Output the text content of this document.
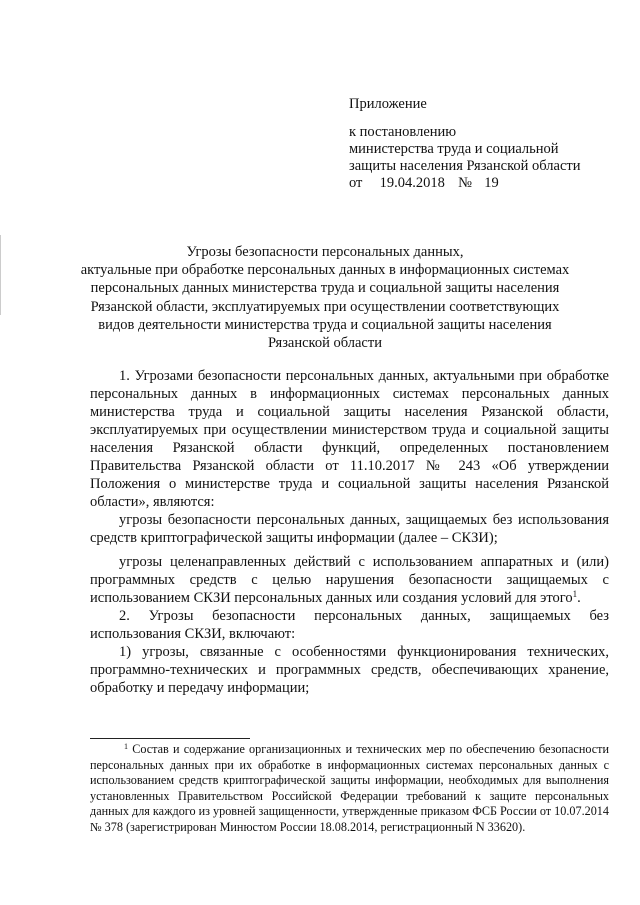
Приложение
к постановлению
министерства труда и социальной
защиты населения Рязанской области
от 19.04.2018 № 19
Угрозы безопасности персональных данных,
актуальные при обработке персональных данных в информационных системах
персональных данных министерства труда и социальной защиты населения
Рязанской области, эксплуатируемых при осуществлении соответствующих
видов деятельности министерства труда и социальной защиты населения
Рязанской области

1. Угрозами безопасности персональных данных, актуальными при обработке персональных данных в информационных системах персональных данных министерства труда и социальной защиты населения Рязанской области, эксплуатируемых при осуществлении министерством труда и социальной защиты населения Рязанской области функций, определенных постановлением Правительства Рязанской области от 11.10.2017 № 243 «Об утверждении Положения о министерстве труда и социальной защиты населения Рязанской области», являются:

угрозы безопасности персональных данных, защищаемых без использования средств криптографической защиты информации (далее – СКЗИ);

угрозы целенаправленных действий с использованием аппаратных и (или) программных средств с целью нарушения безопасности защищаемых с использованием СКЗИ персональных данных или создания условий для этого$^1$.

2. Угрозы безопасности персональных данных, защищаемых без использования СКЗИ, включают:

1) угрозы, связанные с особенностями функционирования технических, программно-технических и программных средств, обеспечивающих хранение, обработку и передачу информации;

$^1$ Состав и содержание организационных и технических мер по обеспечению безопасности персональных данных при их обработке в информационных системах персональных данных с использованием средств криптографической защиты информации, необходимых для выполнения установленных Правительством Российской Федерации требований к защите персональных данных для каждого из уровней защищенности, утвержденные приказом ФСБ России от 10.07.2014 № 378 (зарегистрирован Минюстом России 18.08.2014, регистрационный N 33620).
